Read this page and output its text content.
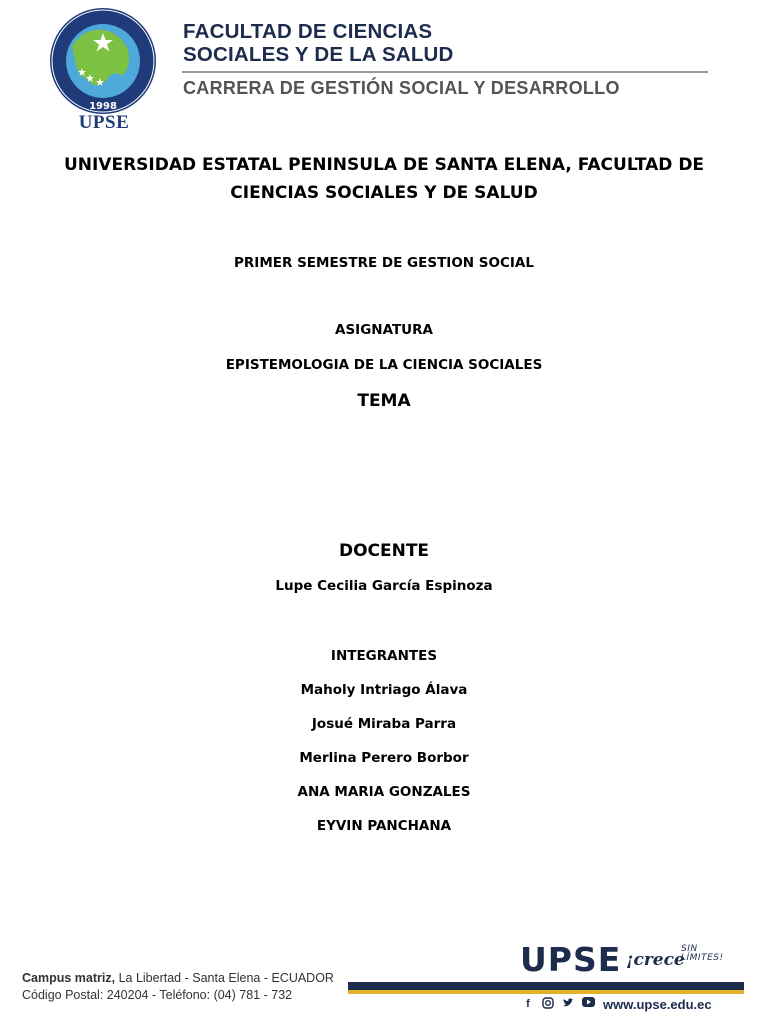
1998
UPSE
FACULTAD DE CIENCIAS
SOCIALES Y DE LA SALUD
CARRERA DE GESTIÓN SOCIAL Y DESARROLLO
UNIVERSIDAD ESTATAL PENINSULA DE SANTA ELENA, FACULTAD DE
CIENCIAS SOCIALES Y DE SALUD
PRIMER SEMESTRE DE GESTION SOCIAL
ASIGNATURA
EPISTEMOLOGIA DE LA CIENCIA SOCIALES
TEMA
DOCENTE
Lupe Cecilia García Espinoza
INTEGRANTES
Maholy Intriago Álava
Josué Miraba Parra
Merlina Perero Borbor
ANA MARIA GONZALES
EYVIN PANCHANA
Campus matriz, La Libertad - Santa Elena - ECUADOR
Código Postal: 240204 - Teléfono: (04) 781 - 732
UPSE ¡crece
SIN LÍMITES!
f	www.upse.edu.ec
